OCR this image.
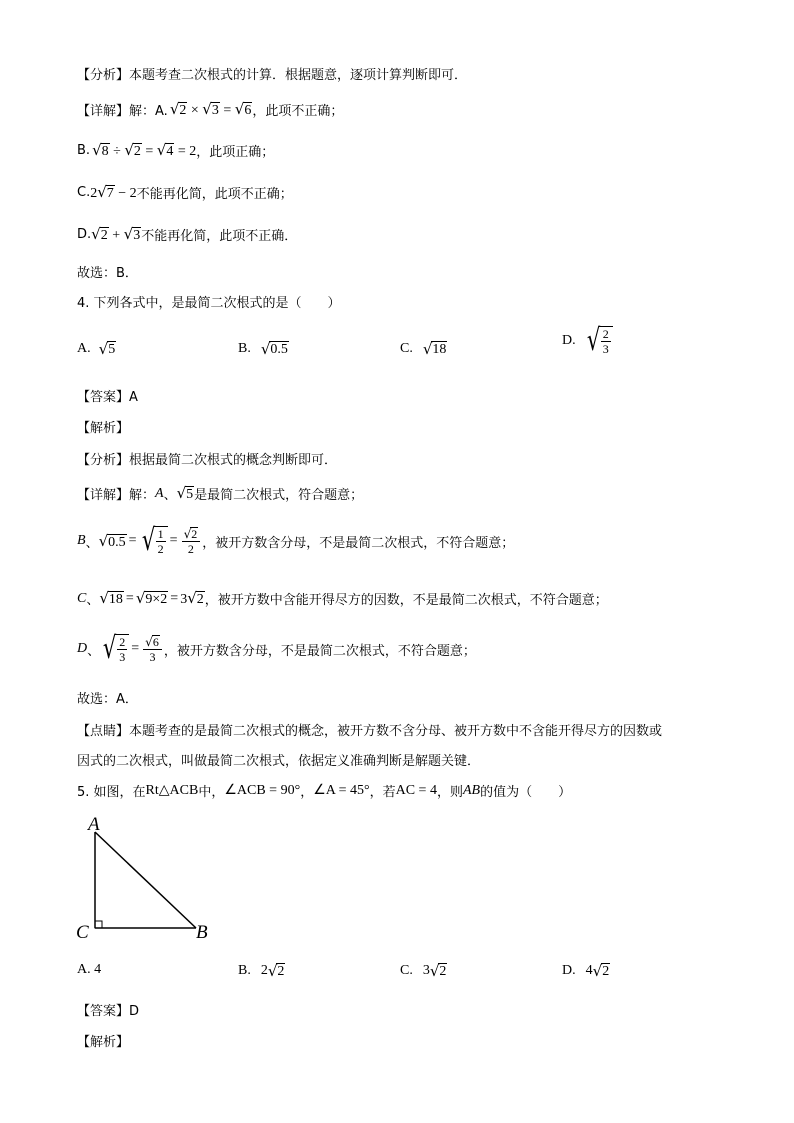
【分析】本题考查二次根式的计算．根据题意，逐项计算判断即可．
【详解】解：A. √2 × √3 = √6 ，此项不正确；
B. √8 ÷ √2 = √4 = 2 ，此项正确；
C. 2√7 − 2 不能再化简，此项不正确；
D. √2 + √3 不能再化简，此项不正确．
故选：B．
4. 下列各式中，是最简二次根式的是（　　）
A. √ 5	B. √ 0.5	C. √ 18
D. √ $\frac{2}{3}$
【答案】A
【解析】
【分析】根据最简二次根式的概念判断即可．
【详解】解： A 、 √5 是最简二次根式，符合题意；
B 、 √0.5 = √ $\frac{1}{2} = \frac{√2}{2}$ ，被开方数含分母，不是最简二次根式，不符合题意；
C 、 √18 = √9×2 = 3√2 ，被开方数中含能开得尽方的因数，不是最简二次根式，不符合题意；
D 、 √ $\frac{2}{3} = \frac{√6}{3}$ ，被开方数含分母，不是最简二次根式，不符合题意；
故选：A．
【点睛】本题考查的是最简二次根式的概念，被开方数不含分母、被开方数中不含能开得尽方的因数或
因式的二次根式，叫做最简二次根式，依据定义准确判断是解题关键．
5. 如图，在 Rt△ACB 中， ∠ACB = 90° ， ∠A = 45° ，若 AC = 4 ，则 AB 的值为（　　）
A
C	B
A. 4	B. 2 √ 2	C. 3 √ 2	D. 4 √ 2
【答案】D
【解析】
